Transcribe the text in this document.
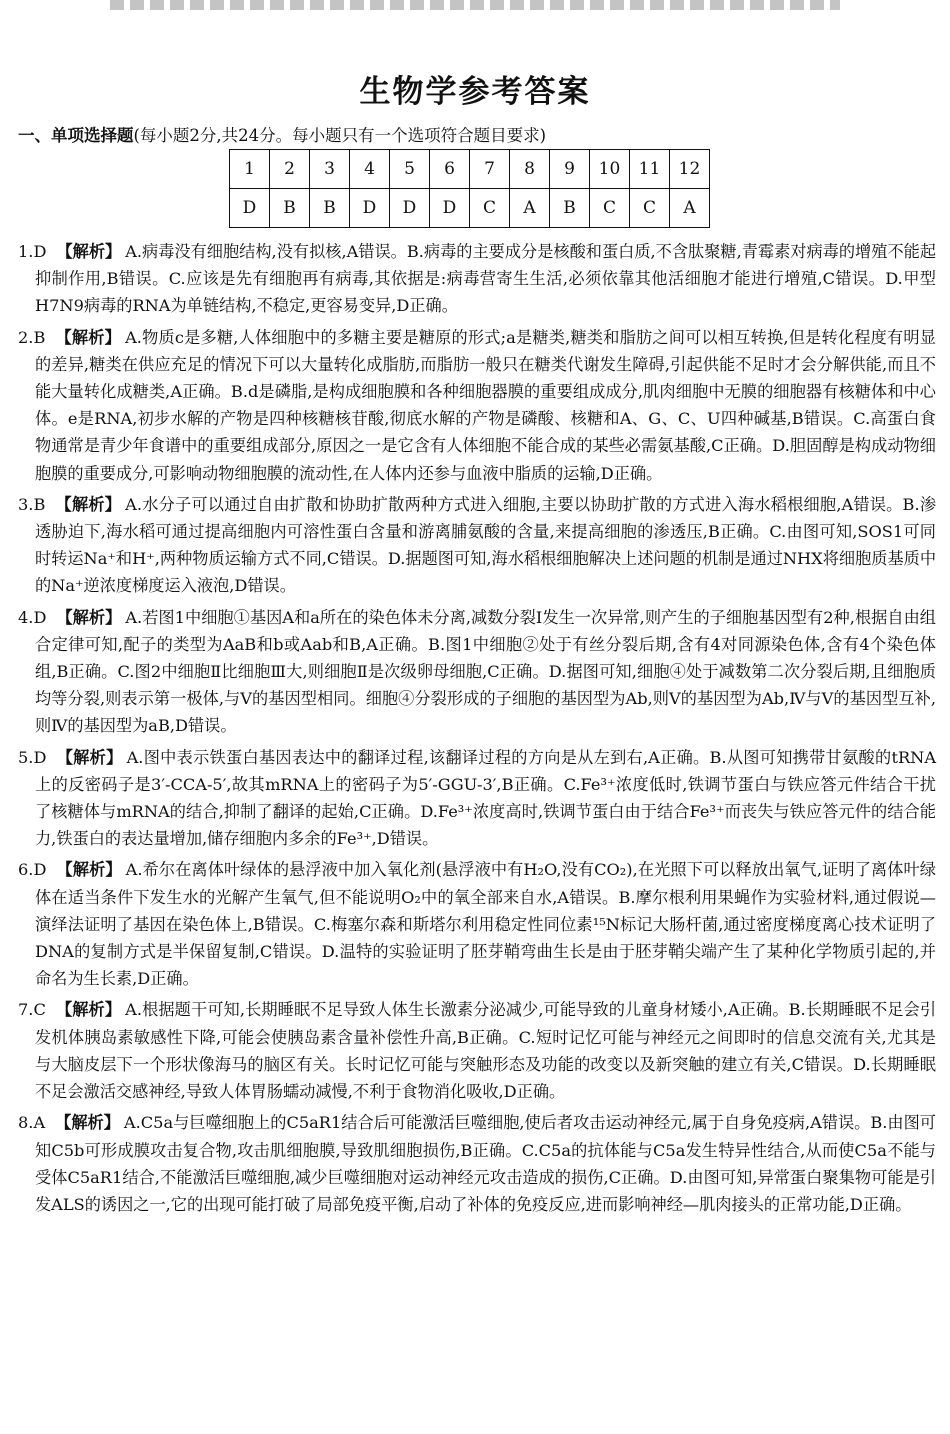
生物学参考答案
一、单项选择题(每小题2分,共24分。每小题只有一个选项符合题目要求)
1	2	3	4	5	6	7	8	9	10	11	12
D	B	B	D	D	D	C	A	B	C	C	A
1.D 【解析】 A.病毒没有细胞结构,没有拟核,A错误。B.病毒的主要成分是核酸和蛋白质,不含肽聚糖,青霉素对病毒的增殖不能起抑制作用,B错误。C.应该是先有细胞再有病毒,其依据是:病毒营寄生生活,必须依靠其他活细胞才能进行增殖,C错误。D.甲型H7N9病毒的RNA为单链结构,不稳定,更容易变异,D正确。
2.B 【解析】 A.物质c是多糖,人体细胞中的多糖主要是糖原的形式;a是糖类,糖类和脂肪之间可以相互转换,但是转化程度有明显的差异,糖类在供应充足的情况下可以大量转化成脂肪,而脂肪一般只在糖类代谢发生障碍,引起供能不足时才会分解供能,而且不能大量转化成糖类,A正确。B.d是磷脂,是构成细胞膜和各种细胞器膜的重要组成成分,肌肉细胞中无膜的细胞器有核糖体和中心体。e是RNA,初步水解的产物是四种核糖核苷酸,彻底水解的产物是磷酸、核糖和A、G、C、U四种碱基,B错误。C.高蛋白食物通常是青少年食谱中的重要组成部分,原因之一是它含有人体细胞不能合成的某些必需氨基酸,C正确。D.胆固醇是构成动物细胞膜的重要成分,可影响动物细胞膜的流动性,在人体内还参与血液中脂质的运输,D正确。
3.B 【解析】 A.水分子可以通过自由扩散和协助扩散两种方式进入细胞,主要以协助扩散的方式进入海水稻根细胞,A错误。B.渗透胁迫下,海水稻可通过提高细胞内可溶性蛋白含量和游离脯氨酸的含量,来提高细胞的渗透压,B正确。C.由图可知,SOS1可同时转运Na⁺和H⁺,两种物质运输方式不同,C错误。D.据题图可知,海水稻根细胞解决上述问题的机制是通过NHX将细胞质基质中的Na⁺逆浓度梯度运入液泡,D错误。
4.D 【解析】 A.若图1中细胞①基因A和a所在的染色体未分离,减数分裂Ⅰ发生一次异常,则产生的子细胞基因型有2种,根据自由组合定律可知,配子的类型为AaB和b或Aab和B,A正确。B.图1中细胞②处于有丝分裂后期,含有4对同源染色体,含有4个染色体组,B正确。C.图2中细胞Ⅱ比细胞Ⅲ大,则细胞Ⅱ是次级卵母细胞,C正确。D.据图可知,细胞④处于减数第二次分裂后期,且细胞质均等分裂,则表示第一极体,与Ⅴ的基因型相同。细胞④分裂形成的子细胞的基因型为Ab,则Ⅴ的基因型为Ab,Ⅳ与Ⅴ的基因型互补,则Ⅳ的基因型为aB,D错误。
5.D 【解析】 A.图中表示铁蛋白基因表达中的翻译过程,该翻译过程的方向是从左到右,A正确。B.从图可知携带甘氨酸的tRNA上的反密码子是3′-CCA-5′,故其mRNA上的密码子为5′-GGU-3′,B正确。C.Fe³⁺浓度低时,铁调节蛋白与铁应答元件结合干扰了核糖体与mRNA的结合,抑制了翻译的起始,C正确。D.Fe³⁺浓度高时,铁调节蛋白由于结合Fe³⁺而丧失与铁应答元件的结合能力,铁蛋白的表达量增加,储存细胞内多余的Fe³⁺,D错误。
6.D 【解析】 A.希尔在离体叶绿体的悬浮液中加入氧化剂(悬浮液中有H₂O,没有CO₂),在光照下可以释放出氧气,证明了离体叶绿体在适当条件下发生水的光解产生氧气,但不能说明O₂中的氧全部来自水,A错误。B.摩尔根利用果蝇作为实验材料,通过假说—演绎法证明了基因在染色体上,B错误。C.梅塞尔森和斯塔尔利用稳定性同位素¹⁵N标记大肠杆菌,通过密度梯度离心技术证明了DNA的复制方式是半保留复制,C错误。D.温特的实验证明了胚芽鞘弯曲生长是由于胚芽鞘尖端产生了某种化学物质引起的,并命名为生长素,D正确。
7.C 【解析】 A.根据题干可知,长期睡眠不足导致人体生长激素分泌减少,可能导致的儿童身材矮小,A正确。B.长期睡眠不足会引发机体胰岛素敏感性下降,可能会使胰岛素含量补偿性升高,B正确。C.短时记忆可能与神经元之间即时的信息交流有关,尤其是与大脑皮层下一个形状像海马的脑区有关。长时记忆可能与突触形态及功能的改变以及新突触的建立有关,C错误。D.长期睡眠不足会激活交感神经,导致人体胃肠蠕动减慢,不利于食物消化吸收,D正确。
8.A 【解析】 A.C5a与巨噬细胞上的C5aR1结合后可能激活巨噬细胞,使后者攻击运动神经元,属于自身免疫病,A错误。B.由图可知C5b可形成膜攻击复合物,攻击肌细胞膜,导致肌细胞损伤,B正确。C.C5a的抗体能与C5a发生特异性结合,从而使C5a不能与受体C5aR1结合,不能激活巨噬细胞,减少巨噬细胞对运动神经元攻击造成的损伤,C正确。D.由图可知,异常蛋白聚集物可能是引发ALS的诱因之一,它的出现可能打破了局部免疫平衡,启动了补体的免疫反应,进而影响神经—肌肉接头的正常功能,D正确。
